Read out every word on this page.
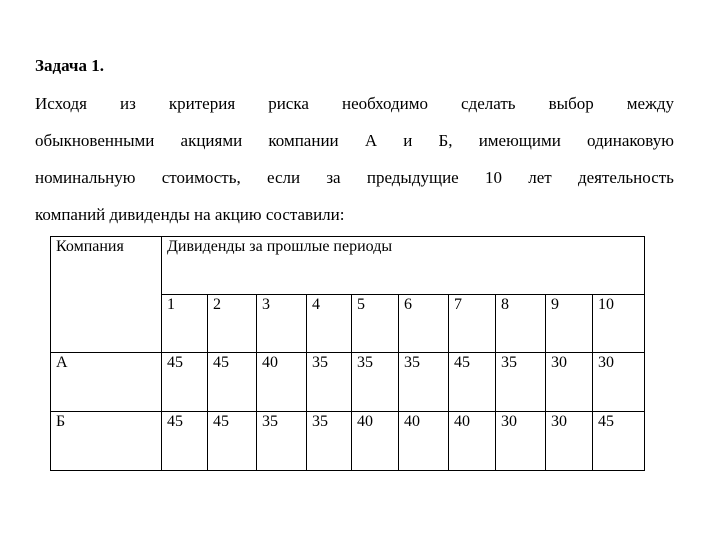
Задача 1.
Исходя из критерия риска необходимо сделать выбор между
обыкновенными акциями компании А и Б, имеющими одинаковую
номинальную стоимость, если за предыдущие 10 лет деятельность
компаний дивиденды на акцию составили:
Компания	Дивиденды за прошлые периоды									
	1	2	3	4	5	6	7	8	9	10
А	45	45	40	35	35	35	45	35	30	30
Б	45	45	35	35	40	40	40	30	30	45
